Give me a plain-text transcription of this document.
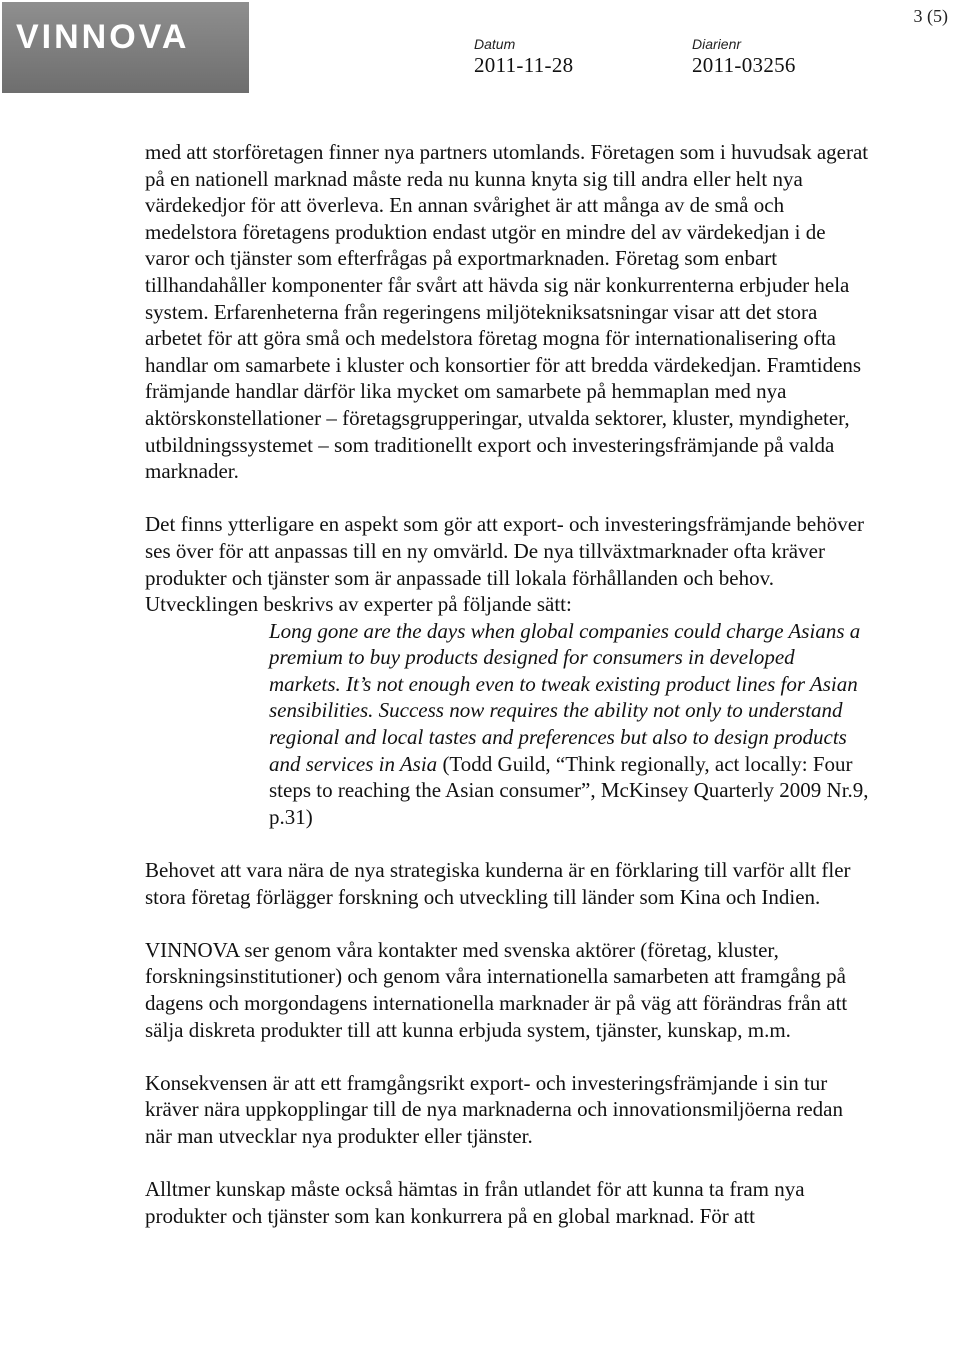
VINNOVA
3 (5)
Datum
2011-11-28
Diarienr
2011-03256

med att storföretagen finner nya partners utomlands. Företagen som i huvudsak agerat på en nationell marknad måste reda nu kunna knyta sig till andra eller helt nya värdekedjor för att överleva. En annan svårighet är att många av de små och medelstora företagens produktion endast utgör en mindre del av värdekedjan i de varor och tjänster som efterfrågas på exportmarknaden. Företag som enbart tillhandahåller komponenter får svårt att hävda sig när konkurrenterna erbjuder hela system. Erfarenheterna från regeringens miljötekniksatsningar visar att det stora arbetet för att göra små och medelstora företag mogna för internationalisering ofta handlar om samarbete i kluster och konsortier för att bredda värdekedjan. Framtidens främjande handlar därför lika mycket om samarbete på hemmaplan med nya aktörskonstellationer – företagsgrupperingar, utvalda sektorer, kluster, myndigheter, utbildningssystemet – som traditionellt export och investeringsfrämjande på valda marknader.

Det finns ytterligare en aspekt som gör att export- och investeringsfrämjande behöver ses över för att anpassas till en ny omvärld. De nya tillväxtmarknader ofta kräver produkter och tjänster som är anpassade till lokala förhållanden och behov. Utvecklingen beskrivs av experter på följande sätt:

Long gone are the days when global companies could charge Asians a premium to buy products designed for consumers in developed markets. It’s not enough even to tweak existing product lines for Asian sensibilities. Success now requires the ability not only to understand regional and local tastes and preferences but also to design products and services in Asia (Todd Guild, “Think regionally, act locally: Four steps to reaching the Asian consumer”, McKinsey Quarterly 2009 Nr.9, p.31)

Behovet att vara nära de nya strategiska kunderna är en förklaring till varför allt fler stora företag förlägger forskning och utveckling till länder som Kina och Indien.

VINNOVA ser genom våra kontakter med svenska aktörer (företag, kluster, forskningsinstitutioner) och genom våra internationella samarbeten att framgång på dagens och morgondagens internationella marknader är på väg att förändras från att sälja diskreta produkter till att kunna erbjuda system, tjänster, kunskap, m.m.

Konsekvensen är att ett framgångsrikt export- och investeringsfrämjande i sin tur kräver nära uppkopplingar till de nya marknaderna och innovationsmiljöerna redan när man utvecklar nya produkter eller tjänster.

Alltmer kunskap måste också hämtas in från utlandet för att kunna ta fram nya produkter och tjänster som kan konkurrera på en global marknad. För att
